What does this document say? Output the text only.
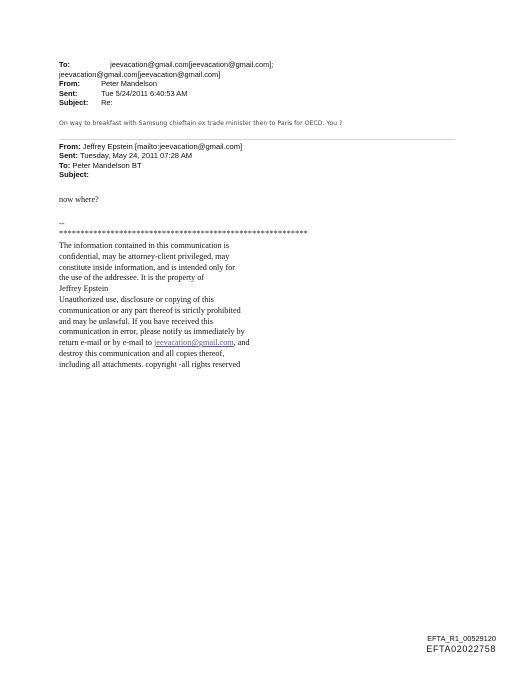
To:	jeevacation@gmail.com[jeevacation@gmail.com];
jeevacation@gmail.com[jeevacation@gmail.com]
From:	Peter Mandelson
Sent:	Tue 5/24/2011 6:40:53 AM
Subject: Re:
On way to breakfast with Samsung chieftain ex trade minister then to Paris for OECD. You ?
From: Jeffrey Epstein [mailto:jeevacation@gmail.com]
Sent: Tuesday, May 24, 2011 07:28 AM
To: Peter Mandelson BT
Subject:
now where?
--
**********************************************************
The information contained in this communication is
confidential, may be attorney-client privileged, may
constitute inside information, and is intended only for
the use of the addressee. It is the property of
Jeffrey Epstein
Unauthorized use, disclosure or copying of this
communication or any part thereof is strictly prohibited
and may be unlawful. If you have received this
communication in error, please notify us immediately by
return e-mail or by e-mail to jeevacation@gmail.com, and
destroy this communication and all copies thereof,
including all attachments. copyright -all rights reserved
EFTA_R1_00529120
EFTA02022758
